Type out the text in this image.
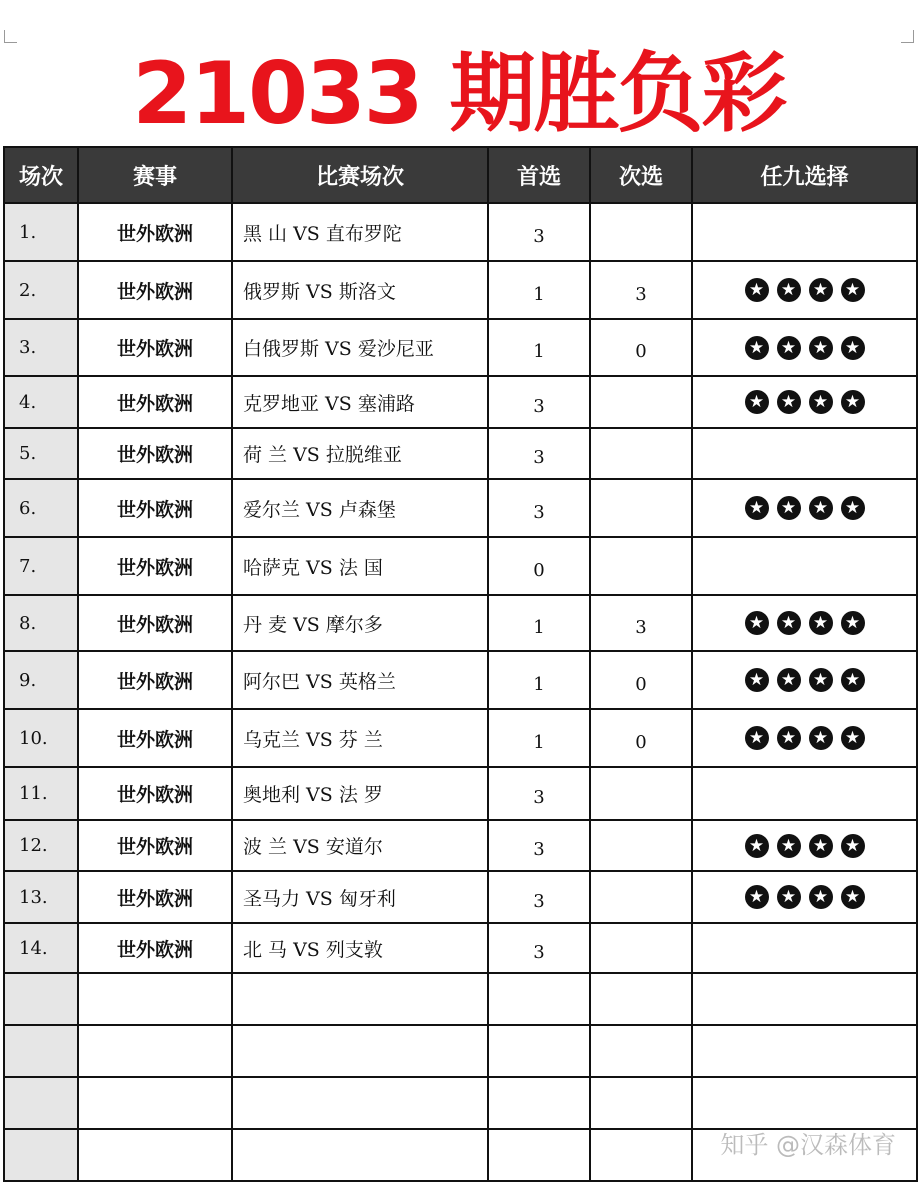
21033 期胜负彩
场次	赛事	比赛场次	首选	次选	任九选择
1.	世外欧洲	黑 山 VS 直布罗陀	3		
2.	世外欧洲	俄罗斯 VS 斯洛文	1	3	★ ★ ★ ★

3.	世外欧洲	白俄罗斯 VS 爱沙尼亚	1	0	★ ★ ★ ★

4.	世外欧洲	克罗地亚 VS 塞浦路	3		★ ★ ★ ★

5.	世外欧洲	荷 兰 VS 拉脱维亚	3		
6.	世外欧洲	爱尔兰 VS 卢森堡	3		★ ★ ★ ★

7.	世外欧洲	哈萨克 VS 法 国	0		
8.	世外欧洲	丹 麦 VS 摩尔多	1	3	★ ★ ★ ★

9.	世外欧洲	阿尔巴 VS 英格兰	1	0	★ ★ ★ ★

10.	世外欧洲	乌克兰 VS 芬 兰	1	0	★ ★ ★ ★

11.	世外欧洲	奥地利 VS 法 罗	3		
12.	世外欧洲	波 兰 VS 安道尔	3		★ ★ ★ ★

13.	世外欧洲	圣马力 VS 匈牙利	3		★ ★ ★ ★

14.	世外欧洲	北 马 VS 列支敦	3		

知乎 @汉森体育
